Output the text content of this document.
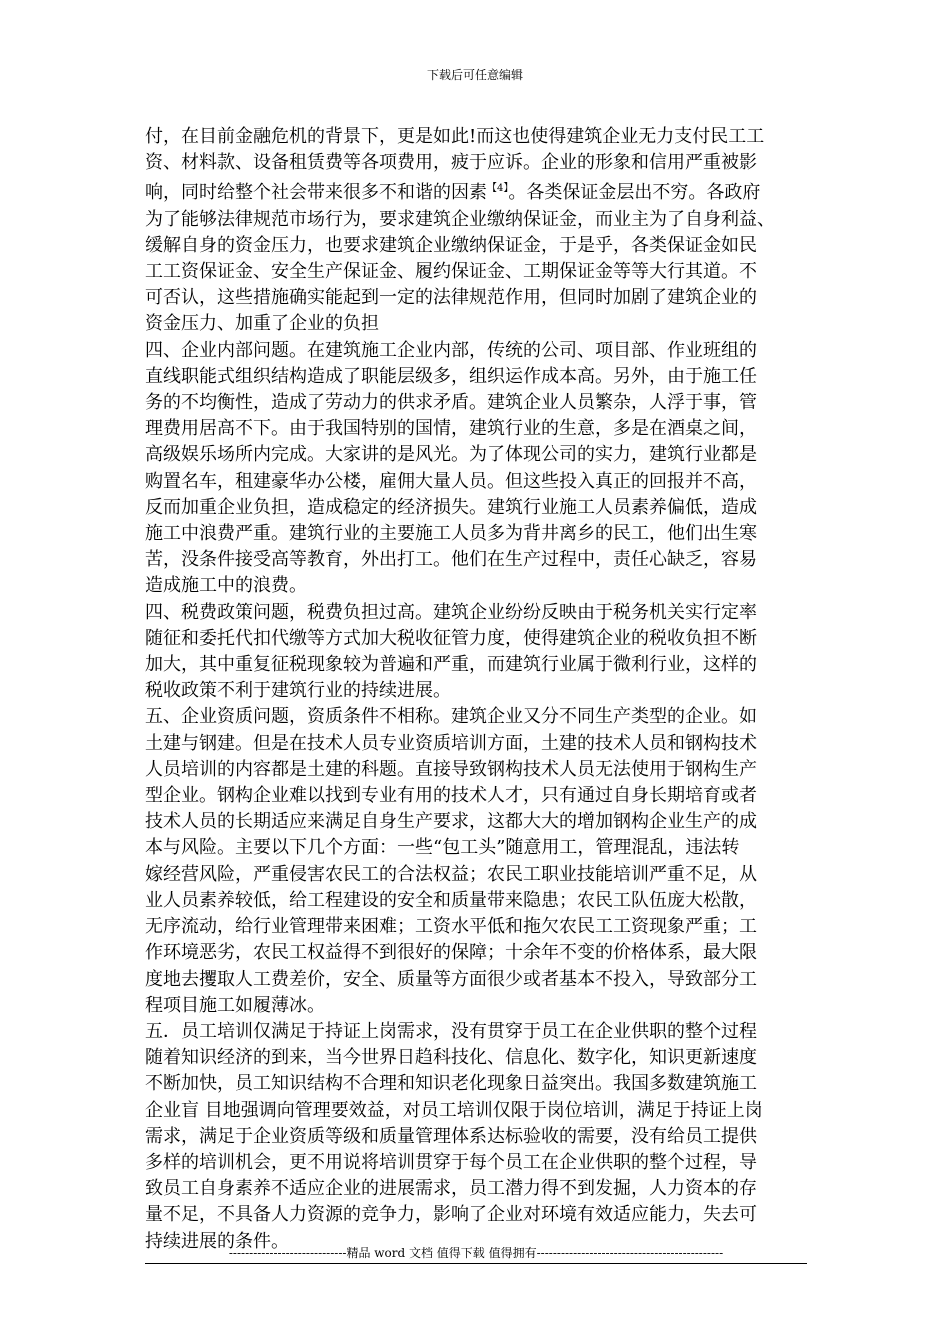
下载后可任意编辑

付，在目前金融危机的背景下，更是如此!而这也使得建筑企业无力支付民工工

资、材料款、设备租赁费等各项费用，疲于应诉。企业的形象和信用严重被影

响，同时给整个社会带来很多不和谐的因素$^{【4】}$。各类保证金层出不穷。各政府

为了能够法律规范市场行为，要求建筑企业缴纳保证金，而业主为了自身利益、

缓解自身的资金压力，也要求建筑企业缴纳保证金，于是乎，各类保证金如民

工工资保证金、安全生产保证金、履约保证金、工期保证金等等大行其道。不

可否认，这些措施确实能起到一定的法律规范作用，但同时加剧了建筑企业的

资金压力、加重了企业的负担

四、企业内部问题。在建筑施工企业内部，传统的公司、项目部、作业班组的

直线职能式组织结构造成了职能层级多，组织运作成本高。另外，由于施工任

务的不均衡性，造成了劳动力的供求矛盾。建筑企业人员繁杂，人浮于事，管

理费用居高不下。由于我国特别的国情，建筑行业的生意，多是在酒桌之间，

高级娱乐场所内完成。大家讲的是风光。为了体现公司的实力，建筑行业都是

购置名车，租建豪华办公楼，雇佣大量人员。但这些投入真正的回报并不高，

反而加重企业负担，造成稳定的经济损失。建筑行业施工人员素养偏低，造成

施工中浪费严重。建筑行业的主要施工人员多为背井离乡的民工，他们出生寒

苦，没条件接受高等教育，外出打工。他们在生产过程中，责任心缺乏，容易

造成施工中的浪费。

四、税费政策问题，税费负担过高。建筑企业纷纷反映由于税务机关实行定率

随征和委托代扣代缴等方式加大税收征管力度，使得建筑企业的税收负担不断

加大，其中重复征税现象较为普遍和严重，而建筑行业属于微利行业，这样的

税收政策不利于建筑行业的持续进展。

五、企业资质问题，资质条件不相称。建筑企业又分不同生产类型的企业。如

土建与钢建。但是在技术人员专业资质培训方面，土建的技术人员和钢构技术

人员培训的内容都是土建的科题。直接导致钢构技术人员无法使用于钢构生产

型企业。钢构企业难以找到专业有用的技术人才，只有通过自身长期培育或者

技术人员的长期适应来满足自身生产要求，这都大大的增加钢构企业生产的成

本与风险。主要以下几个方面：一些“包工头”随意用工，管理混乱，违法转

嫁经营风险，严重侵害农民工的合法权益；农民工职业技能培训严重不足，从

业人员素养较低，给工程建设的安全和质量带来隐患；农民工队伍庞大松散，

无序流动，给行业管理带来困难；工资水平低和拖欠农民工工资现象严重；工

作环境恶劣，农民工权益得不到很好的保障；十余年不变的价格体系，最大限

度地去攫取人工费差价，安全、质量等方面很少或者基本不投入，导致部分工

程项目施工如履薄冰。

五．员工培训仅满足于持证上岗需求，没有贯穿于员工在企业供职的整个过程

随着知识经济的到来，当今世界日趋科技化、信息化、数字化，知识更新速度

不断加快，员工知识结构不合理和知识老化现象日益突出。我国多数建筑施工

企业盲 目地强调向管理要效益，对员工培训仅限于岗位培训，满足于持证上岗

需求，满足于企业资质等级和质量管理体系达标验收的需要，没有给员工提供

多样的培训机会，更不用说将培训贯穿于每个员工在企业供职的整个过程，导

致员工自身素养不适应企业的进展需求，员工潜力得不到发掘，人力资本的存

量不足，不具备人力资源的竞争力，影响了企业对环境有效适应能力，失去可

持续进展的条件。

-----------------------------精品 word 文档 值得下载 值得拥有----------------------------------------------
